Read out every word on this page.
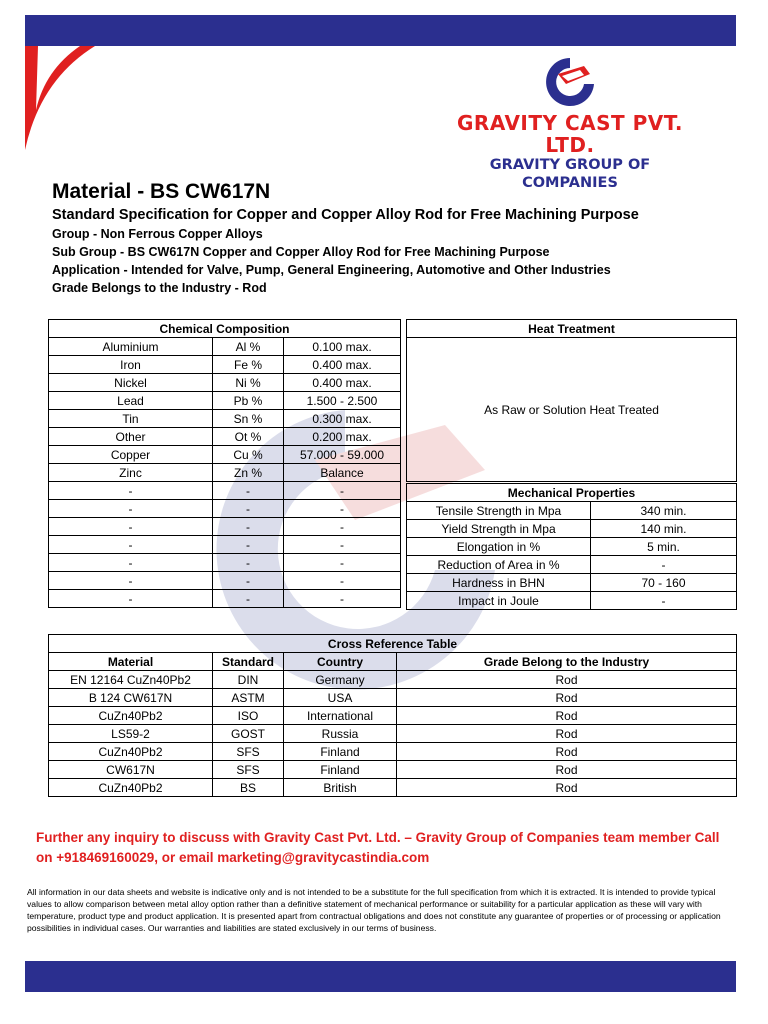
GRAVITY CAST PVT. LTD.
GRAVITY GROUP OF COMPANIES
Material - BS CW617N
Standard Specification for Copper and Copper Alloy Rod for Free Machining Purpose
Group - Non Ferrous Copper Alloys
Sub Group - BS CW617N Copper and Copper Alloy Rod for Free Machining Purpose
Application - Intended for Valve, Pump, General Engineering, Automotive and Other Industries
Grade Belongs to the Industry - Rod
Chemical Composition		
Aluminium	Al %	0.100 max.
Iron	Fe %	0.400 max.
Nickel	Ni %	0.400 max.
Lead	Pb %	1.500 - 2.500
Tin	Sn %	0.300 max.
Other	Ot %	0.200 max.
Copper	Cu %	57.000 - 59.000
Zinc	Zn %	Balance
-	-	-
-	-	-
-	-	-
-	-	-
-	-	-
-	-	-
-	-	-
Heat Treatment
As Raw or Solution Heat Treated
Mechanical Properties	
Tensile Strength in Mpa	340 min.
Yield Strength in Mpa	140 min.
Elongation in %	5 min.
Reduction of Area in %	-
Hardness in BHN	70 - 160
Impact in Joule	-
Cross Reference Table			
Material	Standard	Country	Grade Belong to the Industry
EN 12164 CuZn40Pb2	DIN	Germany	Rod
B 124 CW617N	ASTM	USA	Rod
CuZn40Pb2	ISO	International	Rod
LS59-2	GOST	Russia	Rod
CuZn40Pb2	SFS	Finland	Rod
CW617N	SFS	Finland	Rod
CuZn40Pb2	BS	British	Rod
Further any inquiry to discuss with Gravity Cast Pvt. Ltd. – Gravity Group of Companies team member Call on +918469160029, or email marketing@gravitycastindia.com
All information in our data sheets and website is indicative only and is not intended to be a substitute for the full specification from which it is extracted. It is intended to provide typical values to allow comparison between metal alloy option rather than a definitive statement of mechanical performance or suitability for a particular application as these will vary with temperature, product type and product application. It is presented apart from contractual obligations and does not constitute any guarantee of properties or of processing or application possibilities in individual cases. Our warranties and liabilities are stated exclusively in our terms of business.
